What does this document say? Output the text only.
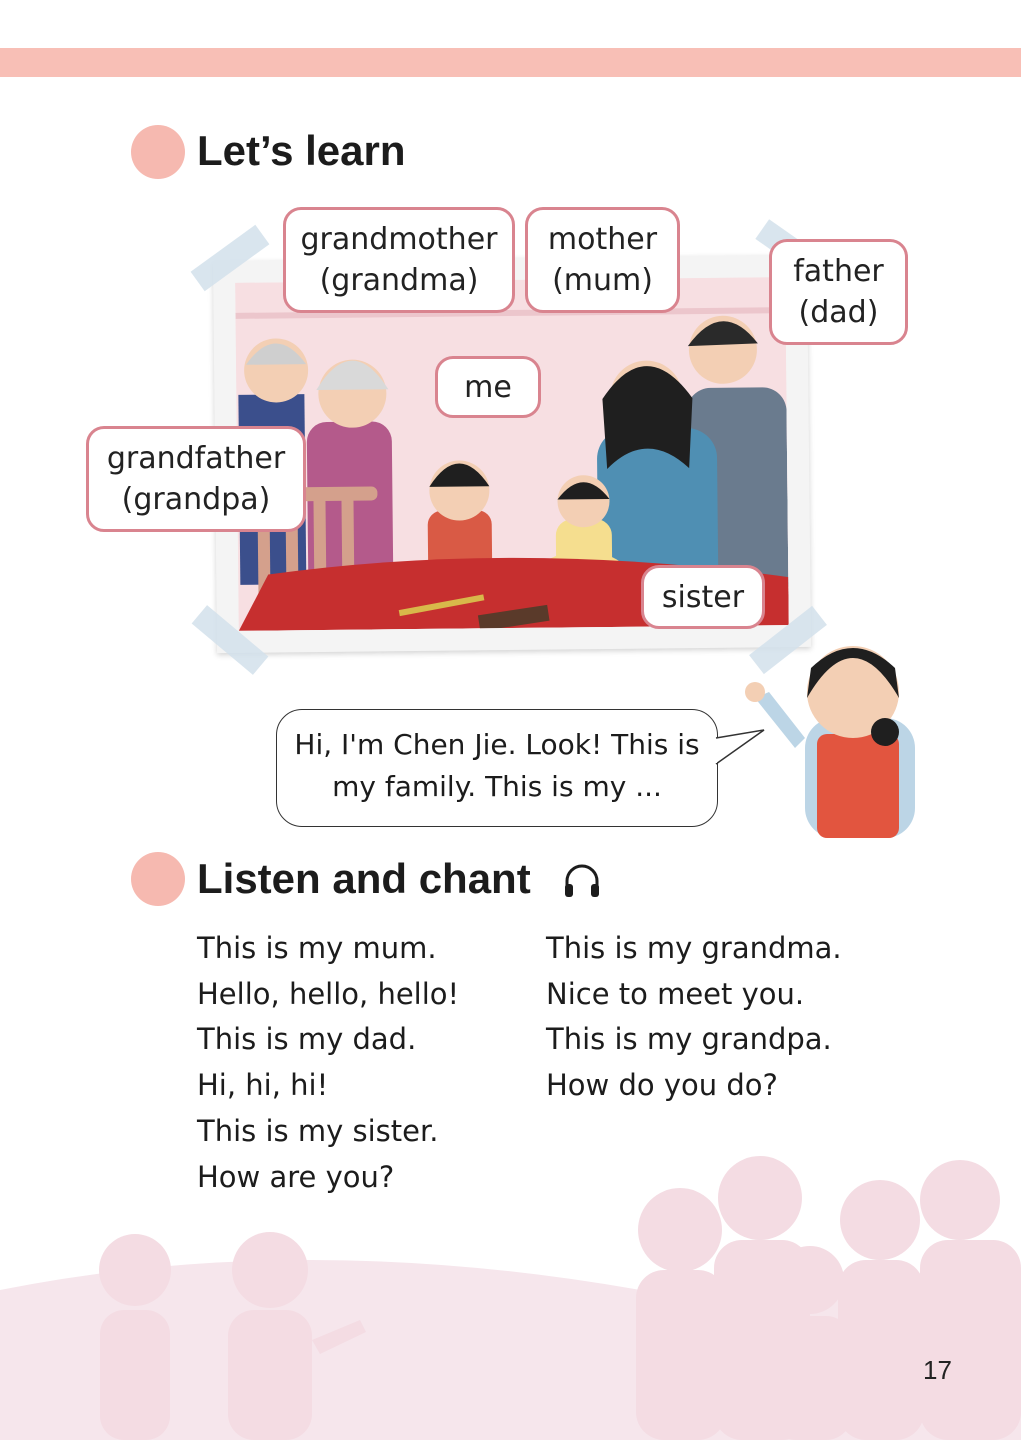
Let’s learn
grandmother
(grandma)
mother
(mum)	father
(dad)
me
grandfather
(grandpa)
sister
Hi, I'm Chen Jie. Look! This is
my family. This is my ...
Listen and chant
This is my mum.
Hello, hello, hello!
This is my dad.
Hi, hi, hi!
This is my sister.
How are you?
This is my grandma.
Nice to meet you.
This is my grandpa.
How do you do?
17
